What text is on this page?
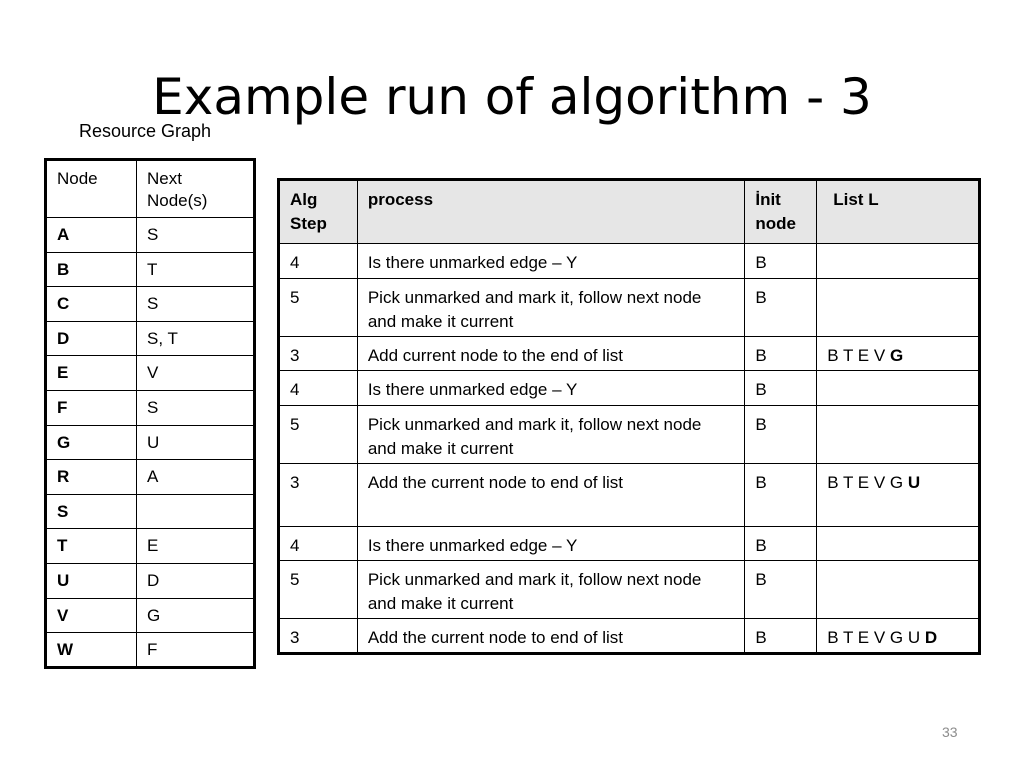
Example run of algorithm - 3
Resource Graph
Node	Next Node(s)
A	S
B	T
C	S
D	S, T
E	V
F	S
G	U
R	A
S	
T	E
U	D
V	G
W	F
Alg Step	process	İnit node	List L
4	Is there unmarked edge – Y	B	
5	Pick unmarked and mark it, follow next node and make it current	B	
3	Add current node to the end of list	B	B T E V G
4	Is there unmarked edge – Y	B	
5	Pick unmarked and mark it, follow next node and make it current	B	
3	Add the current node to end of list	B	B T E V G U
4	Is there unmarked edge – Y	B	
5	Pick unmarked and mark it, follow next node and make it current	B	
3	Add the current node to end of list	B	B T E V G U D
33
